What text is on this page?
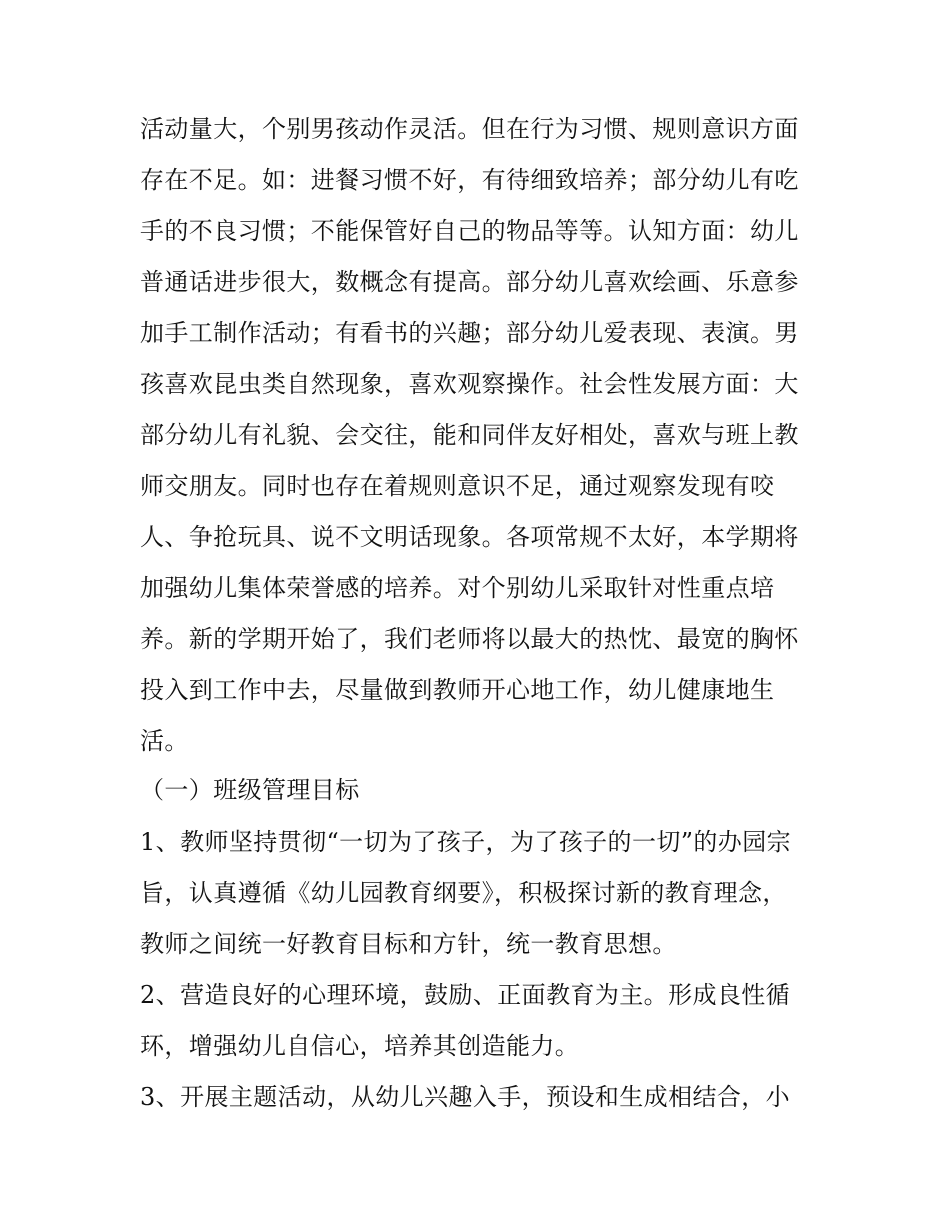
活动量大，个别男孩动作灵活。但在行为习惯、规则意识方面
存在不足。如：进餐习惯不好，有待细致培养；部分幼儿有吃
手的不良习惯；不能保管好自己的物品等等。认知方面：幼儿
普通话进步很大，数概念有提高。部分幼儿喜欢绘画、乐意参
加手工制作活动；有看书的兴趣；部分幼儿爱表现、表演。男
孩喜欢昆虫类自然现象，喜欢观察操作。社会性发展方面：大
部分幼儿有礼貌、会交往，能和同伴友好相处，喜欢与班上教
师交朋友。同时也存在着规则意识不足，通过观察发现有咬
人、争抢玩具、说不文明话现象。各项常规不太好，本学期将
加强幼儿集体荣誉感的培养。对个别幼儿采取针对性重点培
养。新的学期开始了，我们老师将以最大的热忱、最宽的胸怀
投入到工作中去，尽量做到教师开心地工作，幼儿健康地生
活。
（一）班级管理目标
1、教师坚持贯彻“一切为了孩子，为了孩子的一切”的办园宗
旨，认真遵循《幼儿园教育纲要》，积极探讨新的教育理念，
教师之间统一好教育目标和方针，统一教育思想。
2、营造良好的心理环境，鼓励、正面教育为主。形成良性循
环，增强幼儿自信心，培养其创造能力。
3、开展主题活动，从幼儿兴趣入手，预设和生成相结合，小
